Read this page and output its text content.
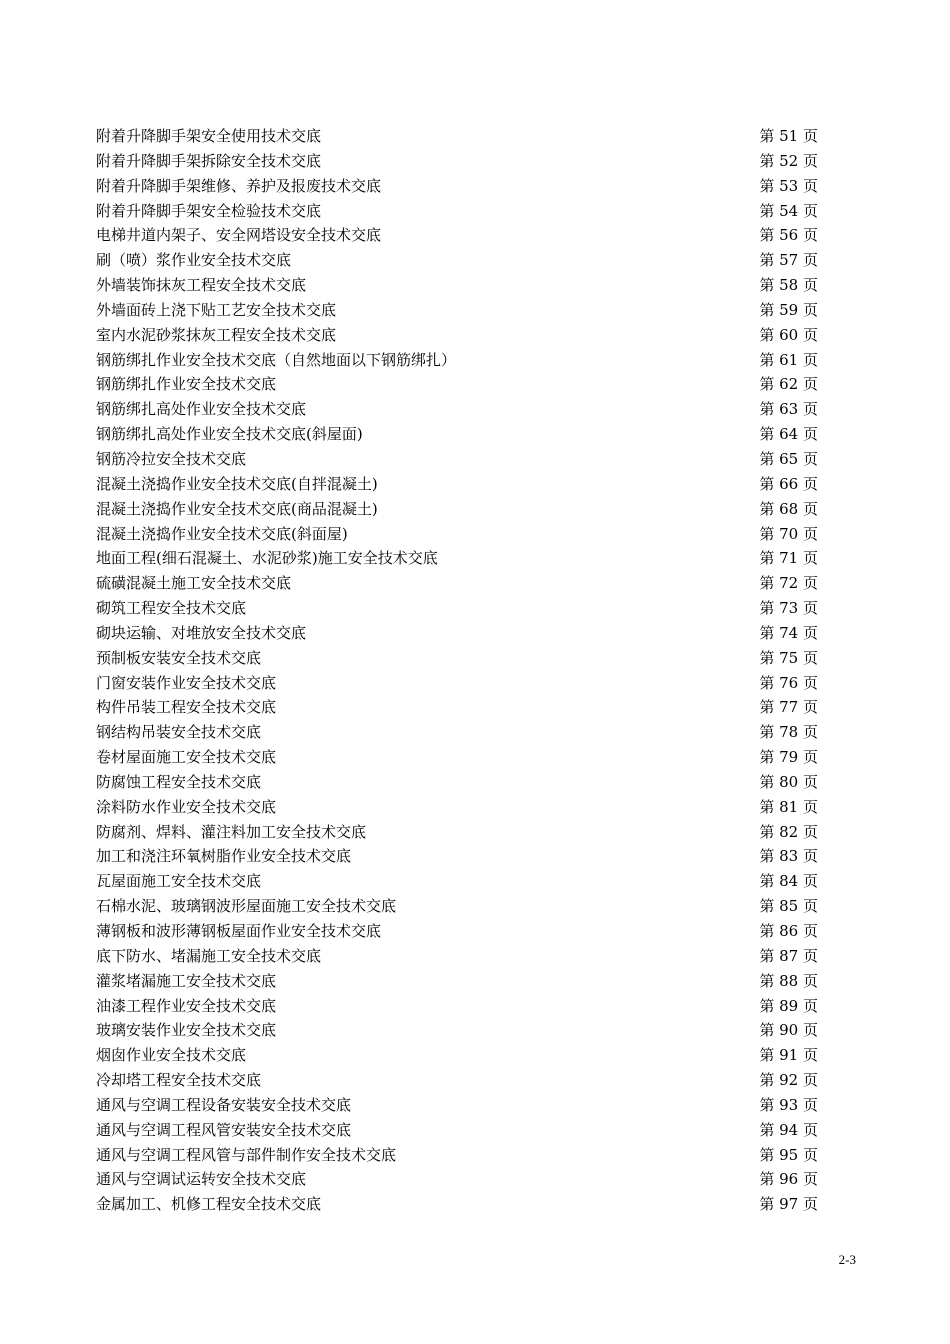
附着升降脚手架安全使用技术交底	第 51 页
附着升降脚手架拆除安全技术交底	第 52 页
附着升降脚手架维修、养护及报废技术交底	第 53 页
附着升降脚手架安全检验技术交底	第 54 页
电梯井道内架子、安全网塔设安全技术交底	第 56 页
刷（喷）浆作业安全技术交底	第 57 页
外墙装饰抹灰工程安全技术交底	第 58 页
外墙面砖上浇下贴工艺安全技术交底	第 59 页
室内水泥砂浆抹灰工程安全技术交底	第 60 页
钢筋绑扎作业安全技术交底（自然地面以下钢筋绑扎）	第 61 页
钢筋绑扎作业安全技术交底	第 62 页
钢筋绑扎高处作业安全技术交底	第 63 页
钢筋绑扎高处作业安全技术交底(斜屋面)	第 64 页
钢筋冷拉安全技术交底	第 65 页
混凝土浇捣作业安全技术交底(自拌混凝土)	第 66 页
混凝土浇捣作业安全技术交底(商品混凝土)	第 68 页
混凝土浇捣作业安全技术交底(斜面屋)	第 70 页
地面工程(细石混凝土、水泥砂浆)施工安全技术交底	第 71 页
硫磺混凝土施工安全技术交底	第 72 页
砌筑工程安全技术交底	第 73 页
砌块运输、对堆放安全技术交底	第 74 页
预制板安装安全技术交底	第 75 页
门窗安装作业安全技术交底	第 76 页
构件吊装工程安全技术交底	第 77 页
钢结构吊装安全技术交底	第 78 页
卷材屋面施工安全技术交底	第 79 页
防腐蚀工程安全技术交底	第 80 页
涂料防水作业安全技术交底	第 81 页
防腐剂、焊料、灌注料加工安全技术交底	第 82 页
加工和浇注环氧树脂作业安全技术交底	第 83 页
瓦屋面施工安全技术交底	第 84 页
石棉水泥、玻璃钢波形屋面施工安全技术交底	第 85 页
薄钢板和波形薄钢板屋面作业安全技术交底	第 86 页
底下防水、堵漏施工安全技术交底	第 87 页
灌浆堵漏施工安全技术交底	第 88 页
油漆工程作业安全技术交底	第 89 页
玻璃安装作业安全技术交底	第 90 页
烟囱作业安全技术交底	第 91 页
冷却塔工程安全技术交底	第 92 页
通风与空调工程设备安装安全技术交底	第 93 页
通风与空调工程风管安装安全技术交底	第 94 页
通风与空调工程风管与部件制作安全技术交底	第 95 页
通风与空调试运转安全技术交底	第 96 页
金属加工、机修工程安全技术交底	第 97 页
2-3
